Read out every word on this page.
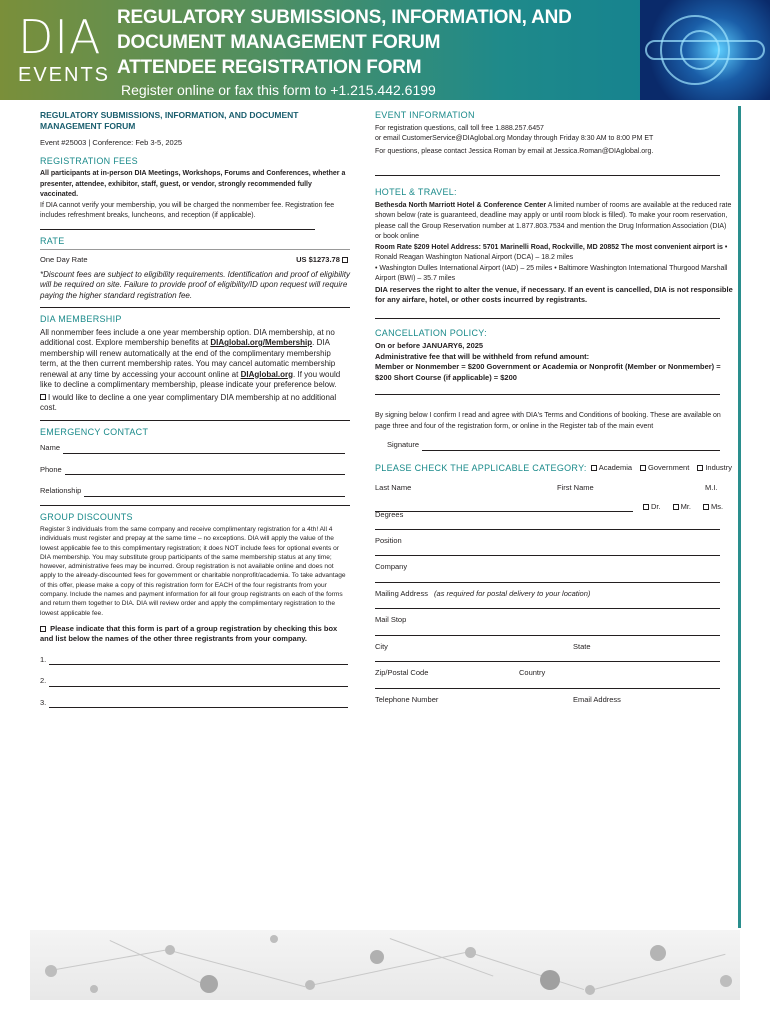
DIA
EVENTS
REGULATORY SUBMISSIONS, INFORMATION, AND
DOCUMENT MANAGEMENT FORUM
ATTENDEE REGISTRATION FORM
Register online or fax this form to +1.215.442.6199
REGULATORY SUBMISSIONS, INFORMATION, AND DOCUMENT MANAGEMENT FORUM
Event #25003 | Conference: Feb 3-5, 2025
REGISTRATION FEES
All participants at in-person DIA Meetings, Workshops, Forums and Conferences, whether a presenter, attendee, exhibitor, staff, guest, or vendor, strongly recommended fully vaccinated.
If DIA cannot verify your membership, you will be charged the nonmember fee. Registration fee includes refreshment breaks, luncheons, and reception (if applicable).
RATE
One Day Rate	US $1273.78
*Discount fees are subject to eligibility requirements. Identification and proof of eligibility will be required on site. Failure to provide proof of eligibility/ID upon request will require paying the higher standard registration fee.
DIA MEMBERSHIP
All nonmember fees include a one year membership option. DIA membership, at no additional cost. Explore membership benefits at DIAglobal.org/Membership. DIA membership will renew automatically at the end of the complimentary membership term, at the then current membership rates. You may cancel automatic membership renewal at any time by accessing your account online at DIAglobal.org. If you would like to decline a complimentary membership, please indicate your preference below.
I would like to decline a one year complimentary DIA membership at no additional cost.
EMERGENCY CONTACT
Name
Phone
Relationship
GROUP DISCOUNTS
Register 3 individuals from the same company and receive complimentary registration for a 4th! All 4 individuals must register and prepay at the same time – no exceptions. DIA will apply the value of the lowest applicable fee to this complimentary registration; it does NOT include fees for optional events or DIA membership. You may substitute group participants of the same membership status at any time; however, administrative fees may be incurred. Group registration is not available online and does not apply to the already-discounted fees for government or charitable nonprofit/academia. To take advantage of this offer, please make a copy of this registration form for EACH of the four registrants from your company. Include the names and payment information for all four group registrants on each of the forms and return them together to DIA. DIA will review order and apply the complimentary registration to the lowest applicable fee.
Please indicate that this form is part of a group registration by checking this box and list below the names of the other three registrants from your company.
1.
2.
3.
EVENT INFORMATION
For registration questions, call toll free 1.888.257.6457
or email CustomerService@DIAglobal.org Monday through Friday 8:30 AM to 8:00 PM ET
For questions, please contact Jessica Roman by email at Jessica.Roman@DIAglobal.org.
HOTEL & TRAVEL:
Bethesda North Marriott Hotel & Conference Center A limited number of rooms are available at the reduced rate shown below (rate is guaranteed, deadline may apply or until room block is filled). To make your room reservation, please call the Group Reservation number at 1.877.803.7534 and mention the Drug Information Association (DIA) or book online
Room Rate $209 Hotel Address: 5701 Marinelli Road, Rockville, MD 20852 The most convenient airport is •
Ronald Reagan Washington National Airport (DCA) – 18.2 miles
• Washington Dulles International Airport (IAD) – 25 miles • Baltimore Washington International Thurgood Marshall Airport (BWI) – 35.7 miles
DIA reserves the right to alter the venue, if necessary. If an event is cancelled, DIA is not responsible for any airfare, hotel, or other costs incurred by registrants.
CANCELLATION POLICY:
On or before JANUARY6, 2025
Administrative fee that will be withheld from refund amount:
Member or Nonmember = $200 Government or Academia or Nonprofit (Member or Nonmember) = $200 Short Course (if applicable) = $200
By signing below I confirm I read and agree with DIA's Terms and Conditions of booking. These are available on page three and four of the registration form, or online in the Register tab of the main event
Signature
PLEASE CHECK THE APPLICABLE CATEGORY:	Academia	Government	Industry
Last Name	First Name	M.I.
Dr.	Mr.	Ms.
Degrees
Position
Company
Mailing Address (as required for postal delivery to your location)
Mail Stop
City	State
Zip/Postal Code	Country
Telephone Number	Email Address
